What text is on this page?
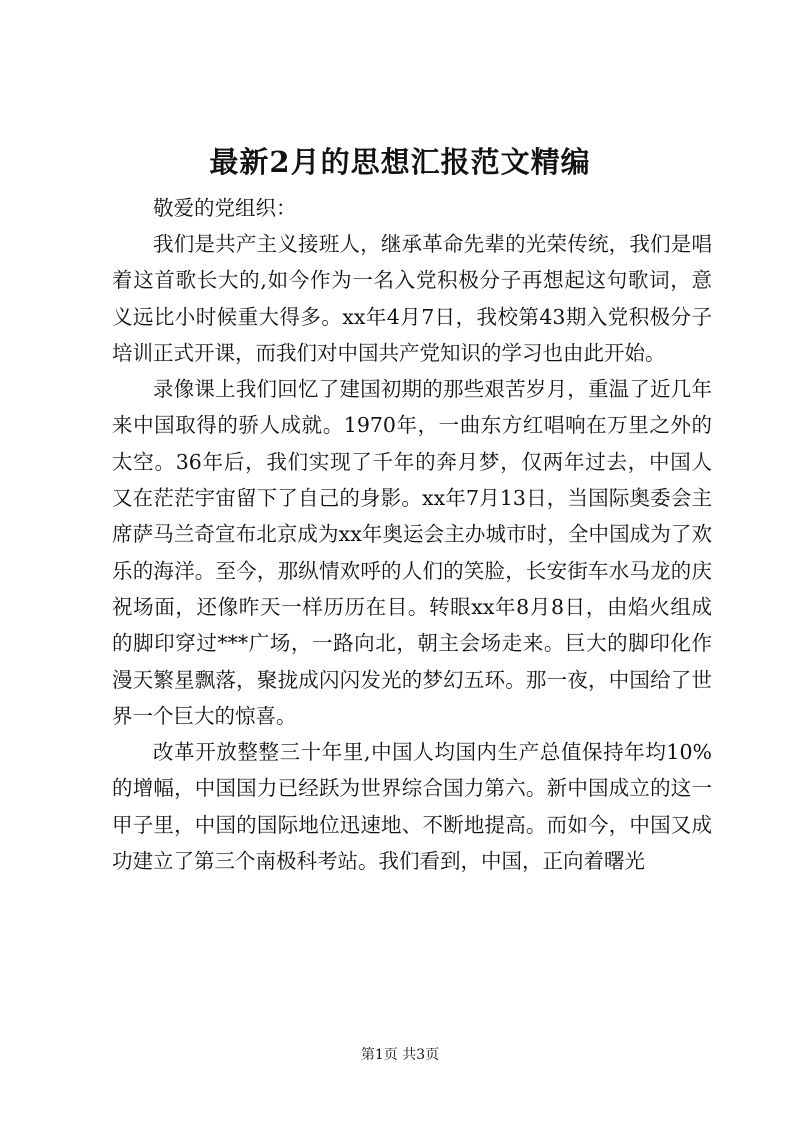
最新2月的思想汇报范文精编

敬爱的党组织：

我们是共产主义接班人，继承革命先辈的光荣传统，我们是唱着这首歌长大的,如今作为一名入党积极分子再想起这句歌词，意义远比小时候重大得多。xx年4月7日，我校第43期入党积极分子培训正式开课，而我们对中国共产党知识的学习也由此开始。

录像课上我们回忆了建国初期的那些艰苦岁月，重温了近几年来中国取得的骄人成就。1970年，一曲东方红唱响在万里之外的太空。36年后，我们实现了千年的奔月梦，仅两年过去，中国人又在茫茫宇宙留下了自己的身影。xx年7月13日，当国际奥委会主席萨马兰奇宣布北京成为xx年奥运会主办城市时，全中国成为了欢乐的海洋。至今，那纵情欢呼的人们的笑脸，长安街车水马龙的庆祝场面，还像昨天一样历历在目。转眼xx年8月8日，由焰火组成的脚印穿过***广场，一路向北，朝主会场走来。巨大的脚印化作漫天繁星飘落，聚拢成闪闪发光的梦幻五环。那一夜，中国给了世界一个巨大的惊喜。

改革开放整整三十年里,中国人均国内生产总值保持年均10%的增幅，中国国力已经跃为世界综合国力第六。新中国成立的这一甲子里，中国的国际地位迅速地、不断地提高。而如今，中国又成功建立了第三个南极科考站。我们看到，中国，正向着曙光

第1页 共3页
